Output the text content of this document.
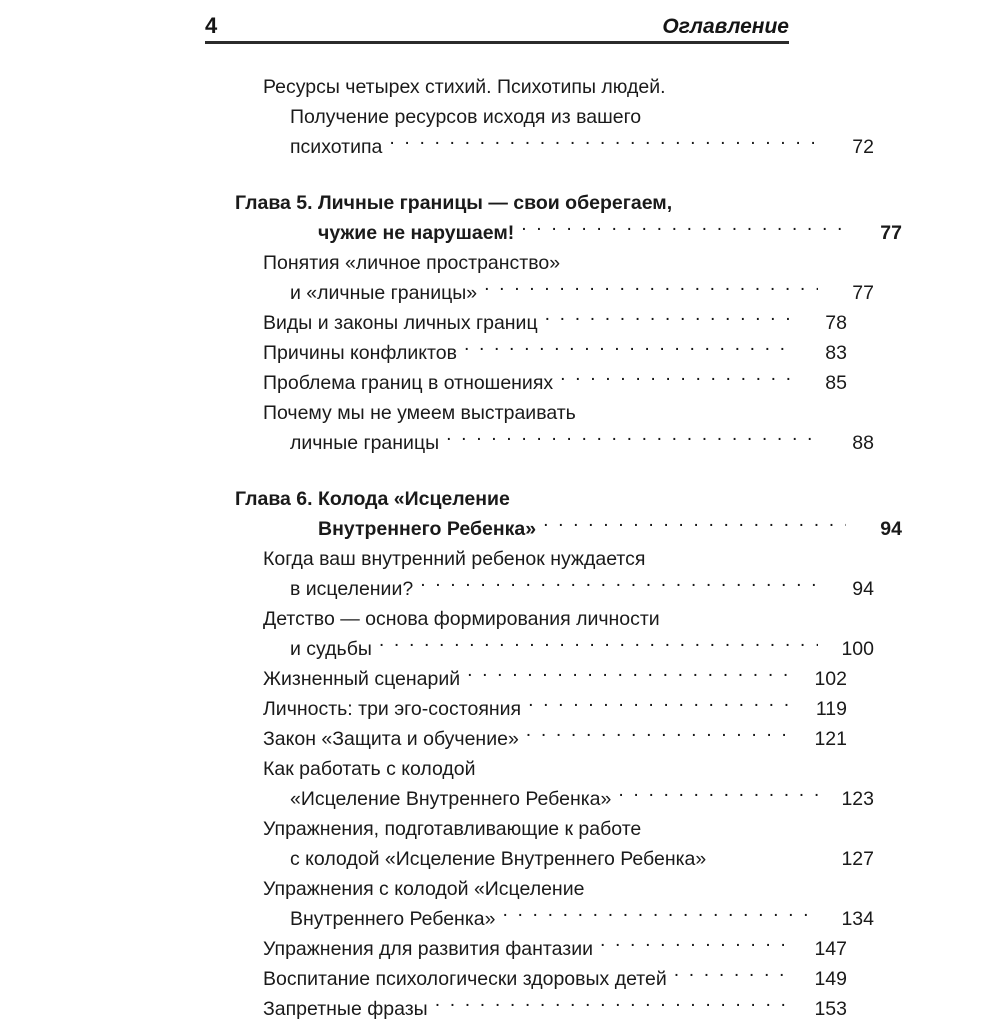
4	Оглавление
Ресурсы четырех стихий. Психотипы людей.
Получение ресурсов исходя из вашего
психотипа . . .	72
Глава 5. Личные границы — свои оберегаем,
чужие не нарушаем! . . .	77
Понятия «личное пространство»
и «личные границы» . . .	77
Виды и законы личных границ . . .	78
Причины конфликтов . . .	83
Проблема границ в отношениях . . .	85
Почему мы не умеем выстраивать
личные границы . . .	88
Глава 6. Колода «Исцеление
Внутреннего Ребенка» . . .	94
Когда ваш внутренний ребенок нуждается
в исцелении? . . .	94
Детство — основа формирования личности
и судьбы . . .	100
Жизненный сценарий . . .	102
Личность: три эго-состояния . . .	119
Закон «Защита и обучение» . . .	121
Как работать с колодой
«Исцеление Внутреннего Ребенка» . . .	123
Упражнения, подготавливающие к работе
с колодой «Исцеление Внутреннего Ребенка»	127
Упражнения с колодой «Исцеление
Внутреннего Ребенка» . . .	134
Упражнения для развития фантазии . . .	147
Воспитание психологически здоровых детей . . .	149
Запретные фразы . . .	153
